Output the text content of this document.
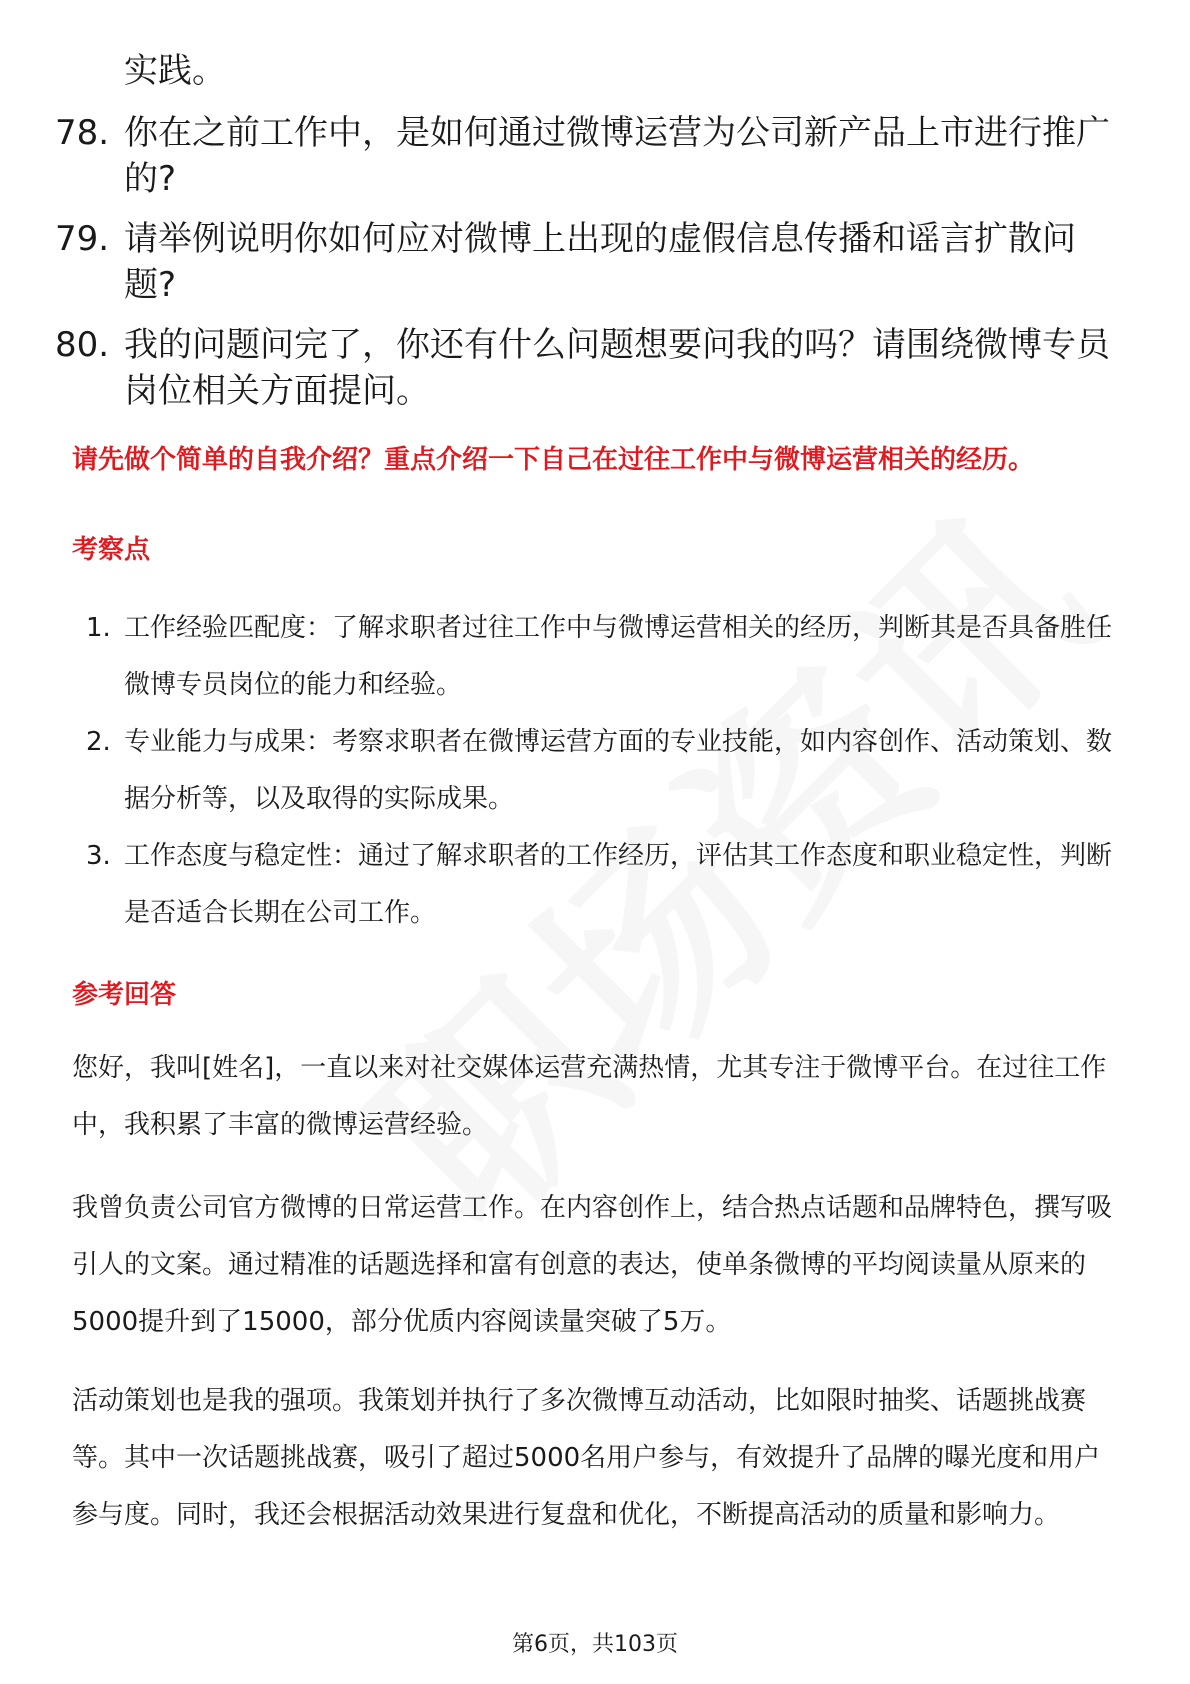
实践。

78. 你在之前工作中，是如何通过微博运营为公司新产品上市进行推广的?
79. 请举例说明你如何应对微博上出现的虚假信息传播和谣言扩散问题?
80. 我的问题问完了，你还有什么问题想要问我的吗？请围绕微博专员岗位相关方面提问。
请先做个简单的自我介绍？重点介绍一下自己在过往工作中与微博运营相关的经历。
考察点
1. 工作经验匹配度：了解求职者过往工作中与微博运营相关的经历，判断其是否具备胜任微博专员岗位的能力和经验。
2. 专业能力与成果：考察求职者在微博运营方面的专业技能，如内容创作、活动策划、数据分析等，以及取得的实际成果。
3. 工作态度与稳定性：通过了解求职者的工作经历，评估其工作态度和职业稳定性，判断是否适合长期在公司工作。
参考回答

您好，我叫[姓名]，一直以来对社交媒体运营充满热情，尤其专注于微博平台。在过往工作中，我积累了丰富的微博运营经验。

我曾负责公司官方微博的日常运营工作。在内容创作上，结合热点话题和品牌特色，撰写吸引人的文案。通过精准的话题选择和富有创意的表达，使单条微博的平均阅读量从原来的5000提升到了15000，部分优质内容阅读量突破了5万。

活动策划也是我的强项。我策划并执行了多次微博互动活动，比如限时抽奖、话题挑战赛等。其中一次话题挑战赛，吸引了超过5000名用户参与，有效提升了品牌的曝光度和用户参与度。同时，我还会根据活动效果进行复盘和优化，不断提高活动的质量和影响力。

第6页，共103页
